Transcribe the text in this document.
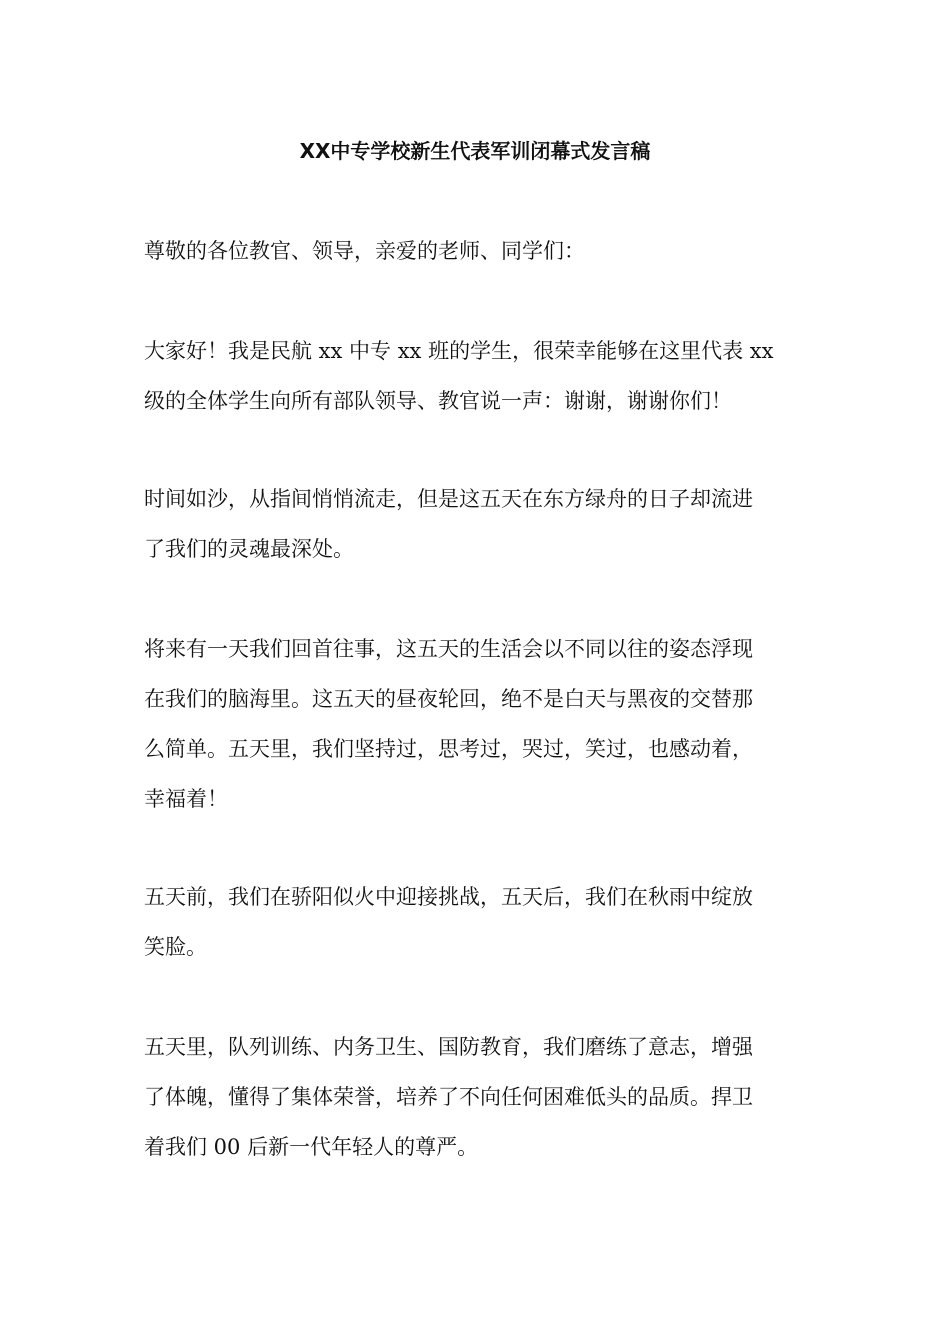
XX中专学校新生代表军训闭幕式发言稿
尊敬的各位教官、领导，亲爱的老师、同学们：
大家好！我是民航 xx 中专 xx 班的学生，很荣幸能够在这里代表 xx
级的全体学生向所有部队领导、教官说一声：谢谢，谢谢你们！
时间如沙，从指间悄悄流走，但是这五天在东方绿舟的日子却流进
了我们的灵魂最深处。
将来有一天我们回首往事，这五天的生活会以不同以往的姿态浮现
在我们的脑海里。这五天的昼夜轮回，绝不是白天与黑夜的交替那
么简单。五天里，我们坚持过，思考过，哭过，笑过，也感动着，
幸福着！
五天前，我们在骄阳似火中迎接挑战，五天后，我们在秋雨中绽放
笑脸。
五天里，队列训练、内务卫生、国防教育，我们磨练了意志，增强
了体魄，懂得了集体荣誉，培养了不向任何困难低头的品质。捍卫
着我们 00 后新一代年轻人的尊严。
